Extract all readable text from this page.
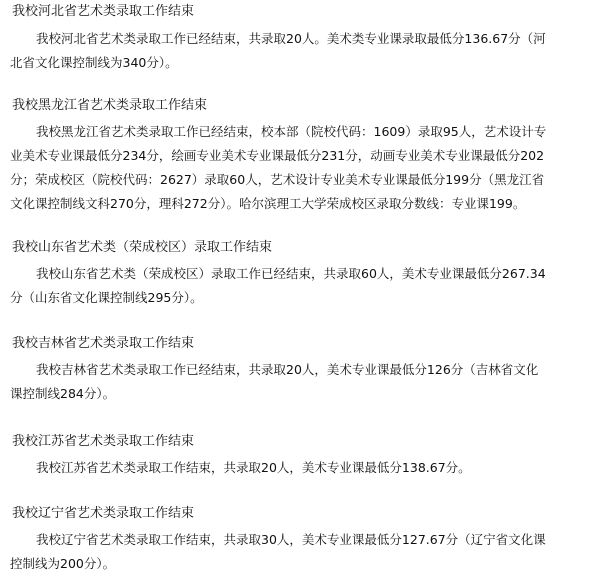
我校河北省艺术类录取工作结束
我校河北省艺术类录取工作已经结束，共录取20人。美术类专业课录取最低分136.67分（河
北省文化课控制线为340分）。
我校黑龙江省艺术类录取工作结束
我校黑龙江省艺术类录取工作已经结束，校本部（院校代码：1609）录取95人，艺术设计专
业美术专业课最低分234分，绘画专业美术专业课最低分231分，动画专业美术专业课最低分202
分；荣成校区（院校代码：2627）录取60人，艺术设计专业美术专业课最低分199分（黑龙江省
文化课控制线文科270分，理科272分）。哈尔滨理工大学荣成校区录取分数线：专业课199。
我校山东省艺术类（荣成校区）录取工作结束
我校山东省艺术类（荣成校区）录取工作已经结束，共录取60人，美术专业课最低分267.34
分（山东省文化课控制线295分）。
我校吉林省艺术类录取工作结束
我校吉林省艺术类录取工作已经结束，共录取20人，美术专业课最低分126分（吉林省文化
课控制线284分）。
我校江苏省艺术类录取工作结束
我校江苏省艺术类录取工作结束，共录取20人，美术专业课最低分138.67分。
我校辽宁省艺术类录取工作结束
我校辽宁省艺术类录取工作结束，共录取30人，美术专业课最低分127.67分（辽宁省文化课
控制线为200分）。
